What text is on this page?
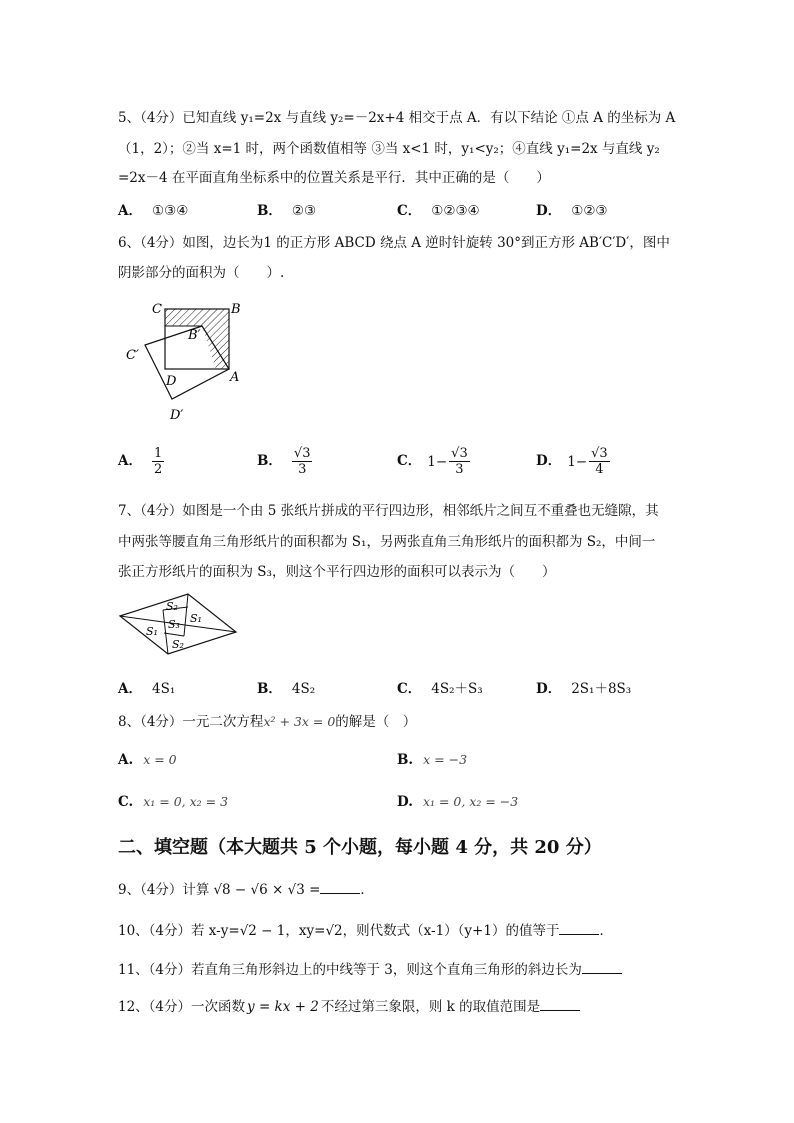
5、（4分）已知直线 y₁=2x 与直线 y₂=－2x+4 相交于点 A．有以下结论 ①点 A 的坐标为 A
（1，2）；②当 x=1 时，两个函数值相等 ③当 x<1 时，y₁<y₂；④直线 y₁=2x 与直线 y₂
=2x－4 在平面直角坐标系中的位置关系是平行．其中正确的是（　　）
A． ①③④	B． ②③	C． ①②③④	D． ①②③
6、（4分）如图，边长为1 的正方形 ABCD 绕点 A 逆时针旋转 30°到正方形 AB′C′D′，图中
阴影部分的面积为（　　）.
C	B
B′
C′
D	A
D′
A． $\frac{1}{2}$	B． $\frac{√3}{3}$	C． $1- \frac{√3}{3}$	D． $1- \frac{√3}{4}$
7、（4分）如图是一个由 5 张纸片拼成的平行四边形，相邻纸片之间互不重叠也无缝隙，其
中两张等腰直角三角形纸片的面积都为 S₁，另两张直角三角形纸片的面积都为 S₂，中间一
张正方形纸片的面积为 S₃，则这个平行四边形的面积可以表示为（　　）
S₂
S₁
S₁
S₃
S₂
A． 4S₁	B． 4S₂	C． 4S₂＋S₃	D． 2S₁＋8S₃
8、（4分）一元二次方程x² + 3x = 0的解是（　）
A. x = 0	B. x = −3
C. x₁ = 0, x₂ = 3	D. x₁ = 0, x₂ = −3
二、填空题（本大题共 5 个小题，每小题 4 分，共 20 分）
9、（4分）计算 √8 − √6 × √3 =	．
10、（4分）若 x-y=√2 − 1，xy=√2，则代数式（x-1）（y+1）的值等于	．
11、（4分）若直角三角形斜边上的中线等于 3，则这个直角三角形的斜边长为
12、（4分）一次函数 y = kx + 2 不经过第三象限，则 k 的取值范围是
